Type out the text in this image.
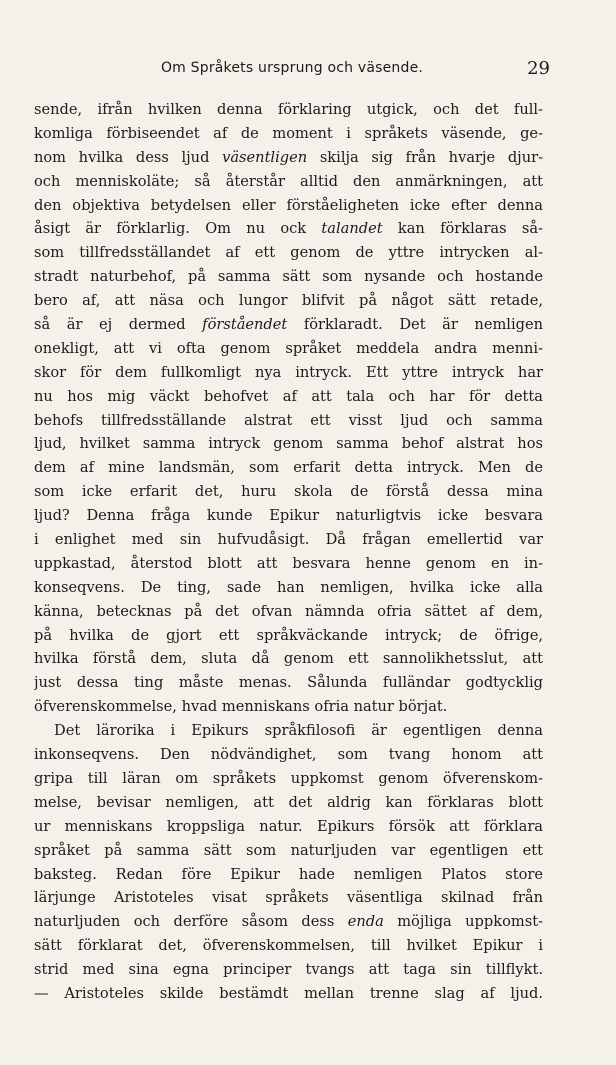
Om Språkets ursprung och väsende.	29
sende, ifrån hvilken denna förklaring utgick, och det full-
komliga förbiseendet af de moment i språkets väsende, ge-
nom hvilka dess ljud väsentligen skilja sig från hvarje djur-
och menniskoläte; så återstår alltid den anmärkningen, att
den objektiva betydelsen eller förståeligheten icke efter denna
åsigt är förklarlig. Om nu ock talandet kan förklaras så-
som tillfredsställandet af ett genom de yttre intrycken al-
stradt naturbehof, på samma sätt som nysande och hostande
bero af, att näsa och lungor blifvit på något sätt retade,
så är ej dermed förståendet förklaradt. Det är nemligen
onekligt, att vi ofta genom språket meddela andra menni-
skor för dem fullkomligt nya intryck. Ett yttre intryck har
nu hos mig väckt behofvet af att tala och har för detta
behofs tillfredsställande alstrat ett visst ljud och samma
ljud, hvilket samma intryck genom samma behof alstrat hos
dem af mine landsmän, som erfarit detta intryck. Men de
som icke erfarit det, huru skola de förstå dessa mina
ljud? Denna fråga kunde Epikur naturligtvis icke besvara
i enlighet med sin hufvudåsigt. Då frågan emellertid var
uppkastad, återstod blott att besvara henne genom en in-
konseqvens. De ting, sade han nemligen, hvilka icke alla
känna, betecknas på det ofvan nämnda ofria sättet af dem,
på hvilka de gjort ett språkväckande intryck; de öfrige,
hvilka förstå dem, sluta då genom ett sannolikhetsslut, att
just dessa ting måste menas. Sålunda fulländar godtycklig
öfverenskommelse, hvad menniskans ofria natur börjat.
Det lärorika i Epikurs språkfilosofi är egentligen denna
inkonseqvens. Den nödvändighet, som tvang honom att
gripa till läran om språkets uppkomst genom öfverenskom-
melse, bevisar nemligen, att det aldrig kan förklaras blott
ur menniskans kroppsliga natur. Epikurs försök att förklara
språket på samma sätt som naturljuden var egentligen ett
baksteg. Redan före Epikur hade nemligen Platos store
lärjunge Aristoteles visat språkets väsentliga skilnad från
naturljuden och derföre såsom dess enda möjliga uppkomst-
sätt förklarat det, öfverenskommelsen, till hvilket Epikur i
strid med sina egna principer tvangs att taga sin tillflykt.
— Aristoteles skilde bestämdt mellan trenne slag af ljud.
